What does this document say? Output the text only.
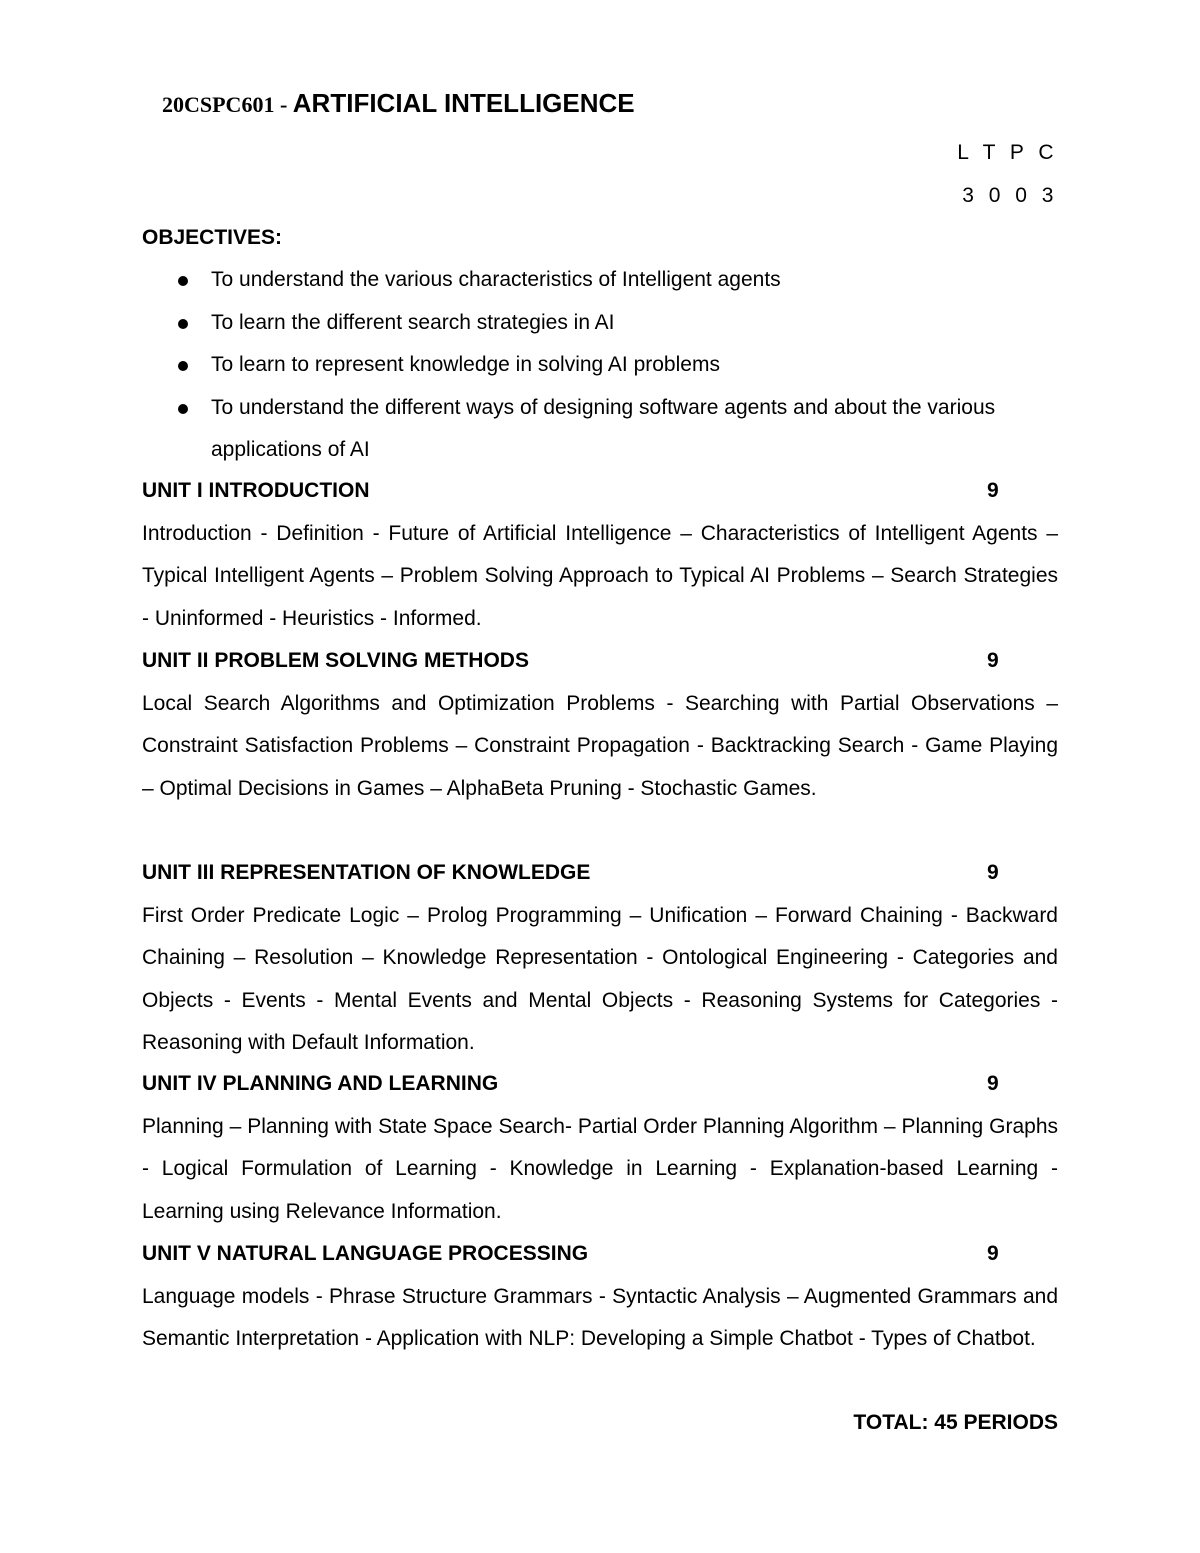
20CSPC601 - ARTIFICIAL INTELLIGENCE
L T P C
3 0 0 3
OBJECTIVES:
To understand the various characteristics of Intelligent agents
To learn the different search strategies in AI
To learn to represent knowledge in solving AI problems
To understand the different ways of designing software agents and about the various applications of AI
UNIT I INTRODUCTION	9
Introduction - Definition - Future of Artificial Intelligence – Characteristics of Intelligent Agents – Typical Intelligent Agents – Problem Solving Approach to Typical AI Problems – Search Strategies - Uninformed - Heuristics - Informed.
UNIT II PROBLEM SOLVING METHODS	9
Local Search Algorithms and Optimization Problems - Searching with Partial Observations – Constraint Satisfaction Problems – Constraint Propagation - Backtracking Search - Game Playing – Optimal Decisions in Games – AlphaBeta Pruning - Stochastic Games.
UNIT III REPRESENTATION OF KNOWLEDGE	9
First Order Predicate Logic – Prolog Programming – Unification – Forward Chaining - Backward Chaining – Resolution – Knowledge Representation - Ontological Engineering - Categories and Objects - Events - Mental Events and Mental Objects - Reasoning Systems for Categories - Reasoning with Default Information.
UNIT IV PLANNING AND LEARNING	9
Planning – Planning with State Space Search- Partial Order Planning Algorithm – Planning Graphs - Logical Formulation of Learning - Knowledge in Learning - Explanation-based Learning - Learning using Relevance Information.
UNIT V NATURAL LANGUAGE PROCESSING	9
Language models - Phrase Structure Grammars - Syntactic Analysis – Augmented Grammars and Semantic Interpretation - Application with NLP: Developing a Simple Chatbot - Types of Chatbot.
TOTAL: 45 PERIODS
